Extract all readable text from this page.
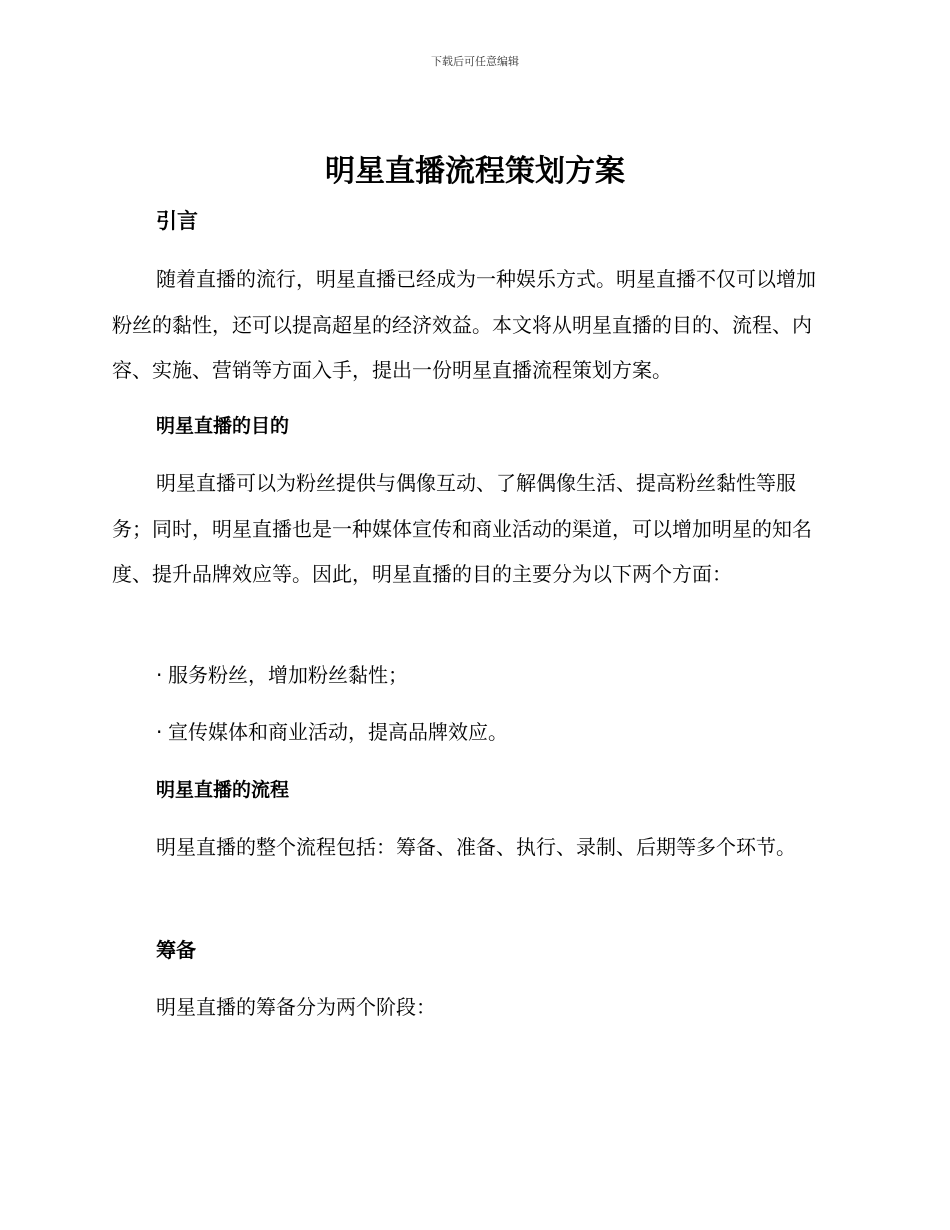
下载后可任意编辑
明星直播流程策划方案
引言

随着直播的流行，明星直播已经成为一种娱乐方式。明星直播不仅可以增加粉丝的黏性，还可以提高超星的经济效益。本文将从明星直播的目的、流程、内容、实施、营销等方面入手，提出一份明星直播流程策划方案。

明星直播的目的

明星直播可以为粉丝提供与偶像互动、了解偶像生活、提高粉丝黏性等服务；同时，明星直播也是一种媒体宣传和商业活动的渠道，可以增加明星的知名度、提升品牌效应等。因此，明星直播的目的主要分为以下两个方面：

· 服务粉丝，增加粉丝黏性；

· 宣传媒体和商业活动，提高品牌效应。

明星直播的流程

明星直播的整个流程包括：筹备、准备、执行、录制、后期等多个环节。

筹备

明星直播的筹备分为两个阶段：
